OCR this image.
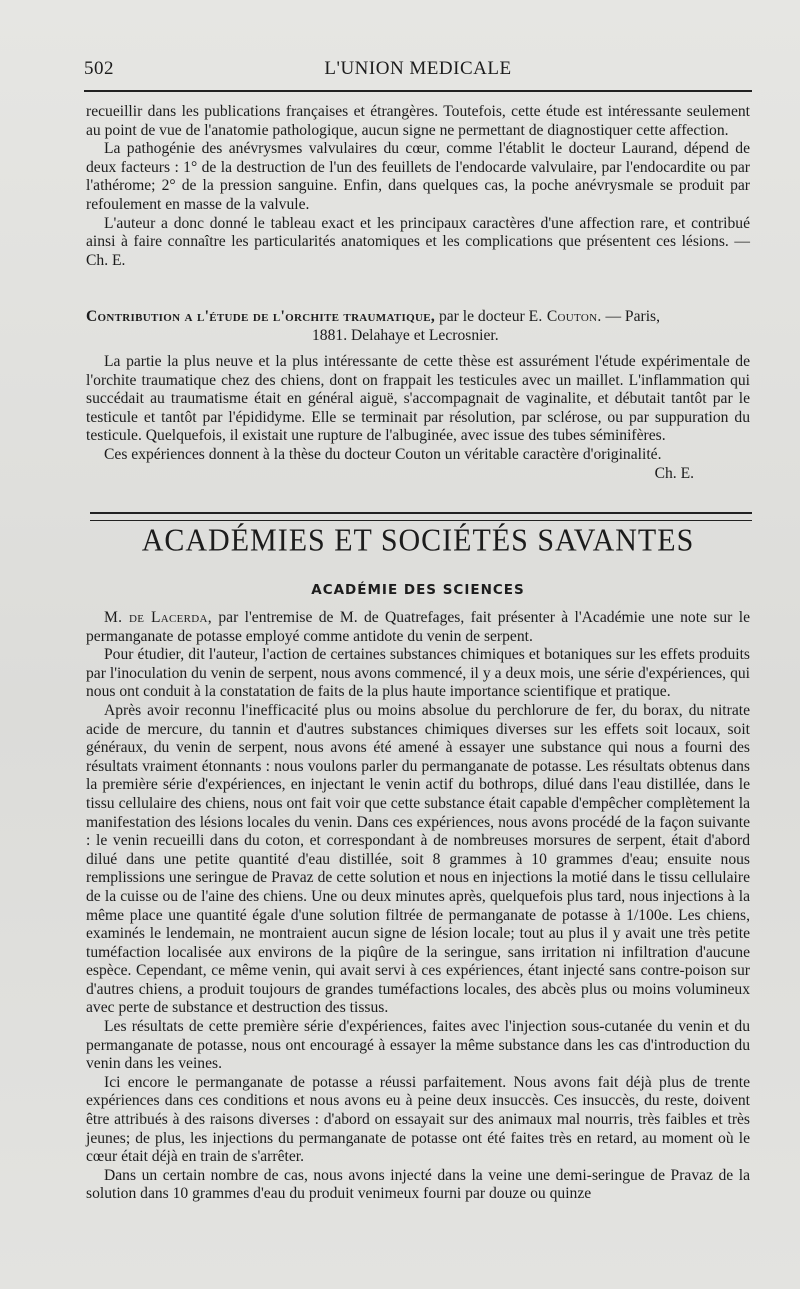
502	L'UNION MEDICALE

recueillir dans les publications françaises et étrangères. Toutefois, cette étude est intéressante seulement au point de vue de l'anatomie pathologique, aucun signe ne permettant de diagnostiquer cette affection.

La pathogénie des anévrysmes valvulaires du cœur, comme l'établit le docteur Laurand, dépend de deux facteurs : 1° de la destruction de l'un des feuillets de l'endocarde valvulaire, par l'endocardite ou par l'athérome; 2° de la pression sanguine. Enfin, dans quelques cas, la poche anévrysmale se produit par refoulement en masse de la valvule.

L'auteur a donc donné le tableau exact et les principaux caractères d'une affection rare, et contribué ainsi à faire connaître les particularités anatomiques et les complications que présentent ces lésions. — Ch. E.

Contribution a l'étude de l'orchite traumatique, par le docteur E. Couton. — Paris,
1881. Delahaye et Lecrosnier.

La partie la plus neuve et la plus intéressante de cette thèse est assurément l'étude expérimentale de l'orchite traumatique chez des chiens, dont on frappait les testicules avec un maillet. L'inflammation qui succédait au traumatisme était en général aiguë, s'accompagnait de vaginalite, et débutait tantôt par le testicule et tantôt par l'épididyme. Elle se terminait par résolution, par sclérose, ou par suppuration du testicule. Quelquefois, il existait une rupture de l'albuginée, avec issue des tubes séminifères.

Ces expériences donnent à la thèse du docteur Couton un véritable caractère d'originalité.

Ch. E.

ACADÉMIES ET SOCIÉTÉS SAVANTES
ACADÉMIE DES SCIENCES

M. de Lacerda, par l'entremise de M. de Quatrefages, fait présenter à l'Académie une note sur le permanganate de potasse employé comme antidote du venin de serpent.

Pour étudier, dit l'auteur, l'action de certaines substances chimiques et botaniques sur les effets produits par l'inoculation du venin de serpent, nous avons commencé, il y a deux mois, une série d'expériences, qui nous ont conduit à la constatation de faits de la plus haute importance scientifique et pratique.

Après avoir reconnu l'inefficacité plus ou moins absolue du perchlorure de fer, du borax, du nitrate acide de mercure, du tannin et d'autres substances chimiques diverses sur les effets soit locaux, soit généraux, du venin de serpent, nous avons été amené à essayer une substance qui nous a fourni des résultats vraiment étonnants : nous voulons parler du permanganate de potasse. Les résultats obtenus dans la première série d'expériences, en injectant le venin actif du bothrops, dilué dans l'eau distillée, dans le tissu cellulaire des chiens, nous ont fait voir que cette substance était capable d'empêcher complètement la manifestation des lésions locales du venin. Dans ces expériences, nous avons procédé de la façon suivante : le venin recueilli dans du coton, et correspondant à de nombreuses morsures de serpent, était d'abord dilué dans une petite quantité d'eau distillée, soit 8 grammes à 10 grammes d'eau; ensuite nous remplissions une seringue de Pravaz de cette solution et nous en injections la motié dans le tissu cellulaire de la cuisse ou de l'aine des chiens. Une ou deux minutes après, quelquefois plus tard, nous injections à la même place une quantité égale d'une solution filtrée de permanganate de potasse à 1/100e. Les chiens, examinés le lendemain, ne montraient aucun signe de lésion locale; tout au plus il y avait une très petite tuméfaction localisée aux environs de la piqûre de la seringue, sans irritation ni infiltration d'aucune espèce. Cependant, ce même venin, qui avait servi à ces expériences, étant injecté sans contre-poison sur d'autres chiens, a produit toujours de grandes tuméfactions locales, des abcès plus ou moins volumineux avec perte de substance et destruction des tissus.

Les résultats de cette première série d'expériences, faites avec l'injection sous-cutanée du venin et du permanganate de potasse, nous ont encouragé à essayer la même substance dans les cas d'introduction du venin dans les veines.

Ici encore le permanganate de potasse a réussi parfaitement. Nous avons fait déjà plus de trente expériences dans ces conditions et nous avons eu à peine deux insuccès. Ces insuccès, du reste, doivent être attribués à des raisons diverses : d'abord on essayait sur des animaux mal nourris, très faibles et très jeunes; de plus, les injections du permanganate de potasse ont été faites très en retard, au moment où le cœur était déjà en train de s'arrêter.

Dans un certain nombre de cas, nous avons injecté dans la veine une demi-seringue de Pravaz de la solution dans 10 grammes d'eau du produit venimeux fourni par douze ou quinze
